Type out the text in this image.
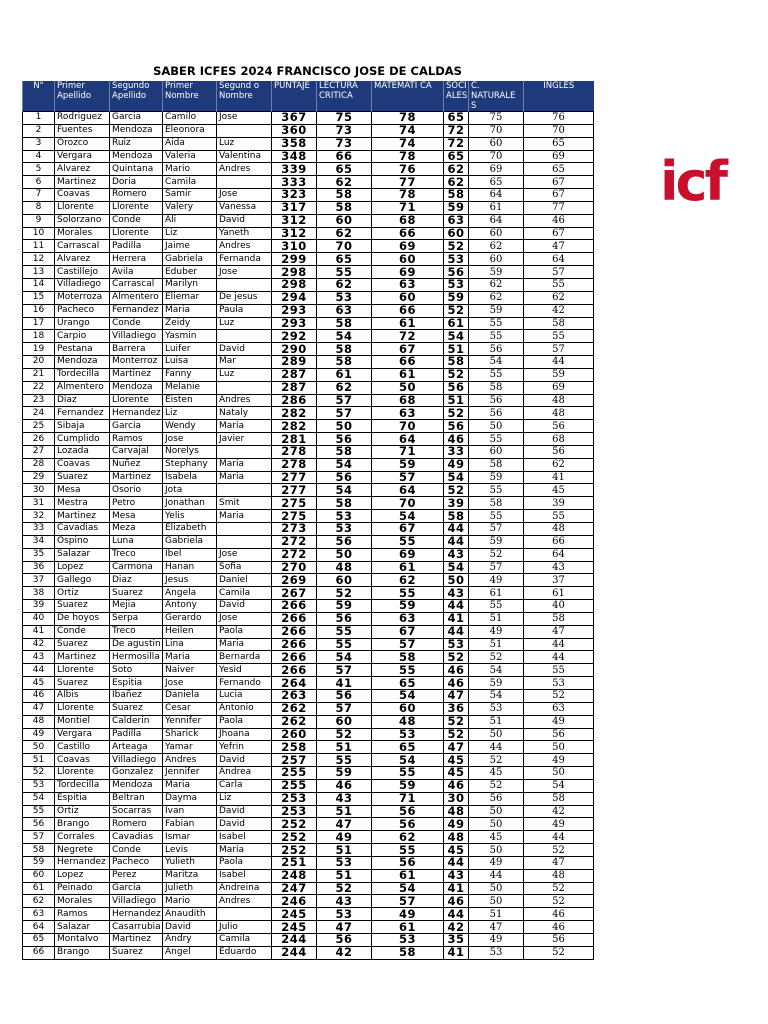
SABER ICFES 2024 FRANCISCO JOSE DE CALDAS
N°	Primer Apellido	Segundo Apellido	Primer Nombre	Segund o Nombre	PUNTAJE	LECTURA CRITICA	MATEMATI CA	SOCI ALES	C. NATURALE S	INGLES
1	Rodriguez	Garcia	Camilo	Jose	367	75	78	65	75	76
2	Fuentes	Mendoza	Eleonora		360	73	74	72	70	70
3	Orozco	Ruiz	Aida	Luz	358	73	74	72	60	65
4	Vergara	Mendoza	Valeria	Valentina	348	66	78	65	70	69
5	Alvarez	Quintana	Mario	Andres	339	65	76	62	69	65
6	Martinez	Doria	Camila		333	62	77	62	65	67
7	Coavas	Romero	Samir	Jose	323	58	78	58	64	67
8	Llorente	Llorente	Valery	Vanessa	317	58	71	59	61	77
9	Solorzano	Conde	Ali	David	312	60	68	63	64	46
10	Morales	Llorente	Liz	Yaneth	312	62	66	60	60	67
11	Carrascal	Padilla	Jaime	Andres	310	70	69	52	62	47
12	Alvarez	Herrera	Gabriela	Fernanda	299	65	60	53	60	64
13	Castillejo	Avila	Eduber	Jose	298	55	69	56	59	57
14	Villadiego	Carrascal	Marilyn		298	62	63	53	62	55
15	Moterroza	Almentero	Eliemar	De jesus	294	53	60	59	62	62
16	Pacheco	Fernandez	Maria	Paula	293	63	66	52	59	42
17	Urango	Conde	Zeidy	Luz	293	58	61	61	55	58
18	Carpio	Villadiego	Yasmin		292	54	72	54	55	55
19	Pestana	Barrera	Luifer	David	290	58	67	51	56	57
20	Mendoza	Monterroz	Luisa	Mar	289	58	66	58	54	44
21	Tordecilla	Martinez	Fanny	Luz	287	61	61	52	55	59
22	Almentero	Mendoza	Melanie		287	62	50	56	58	69
23	Diaz	Llorente	Eisten	Andres	286	57	68	51	56	48
24	Fernandez	Hernandez	Liz	Nataly	282	57	63	52	56	48
25	Sibaja	Garcia	Wendy	Maria	282	50	70	56	50	56
26	Cumplido	Ramos	Jose	Javier	281	56	64	46	55	68
27	Lozada	Carvajal	Norelys		278	58	71	33	60	56
28	Coavas	Nuñez	Stephany	Maria	278	54	59	49	58	62
29	Suarez	Martinez	Isabela	Maria	277	56	57	54	59	41
30	Mesa	Osorio	Jota		277	54	64	52	55	45
31	Mestra	Petro	Jonathan	Smit	275	58	70	39	58	39
32	Martinez	Mesa	Yelis	Maria	275	53	54	58	55	55
33	Cavadias	Meza	Elizabeth		273	53	67	44	57	48
34	Ospino	Luna	Gabriela		272	56	55	44	59	66
35	Salazar	Treco	Ibel	Jose	272	50	69	43	52	64
36	Lopez	Carmona	Hanan	Sofia	270	48	61	54	57	43
37	Gallego	Diaz	Jesus	Daniel	269	60	62	50	49	37
38	Ortiz	Suarez	Angela	Camila	267	52	55	43	61	61
39	Suarez	Mejia	Antony	David	266	59	59	44	55	40
40	De hoyos	Serpa	Gerardo	Jose	266	56	63	41	51	58
41	Conde	Treco	Heilen	Paola	266	55	67	44	49	47
42	Suarez	De agustin	Lina	Maria	266	55	57	53	51	44
43	Martinez	Hermosilla	Maria	Bernarda	266	54	58	52	52	44
44	Llorente	Soto	Naiver	Yesid	266	57	55	46	54	55
45	Suarez	Espitia	Jose	Fernando	264	41	65	46	59	53
46	Albis	Ibañez	Daniela	Lucia	263	56	54	47	54	52
47	Llorente	Suarez	Cesar	Antonio	262	57	60	36	53	63
48	Montiel	Calderin	Yennifer	Paola	262	60	48	52	51	49
49	Vergara	Padilla	Sharick	Jhoana	260	52	53	52	50	56
50	Castillo	Arteaga	Yamar	Yefrin	258	51	65	47	44	50
51	Coavas	Villadiego	Andres	David	257	55	54	45	52	49
52	Llorente	Gonzalez	Jennifer	Andrea	255	59	55	45	45	50
53	Tordecilla	Mendoza	Maria	Carla	255	46	59	46	52	54
54	Espitia	Beltran	Dayma	Liz	253	43	71	30	56	58
55	Ortiz	Socarras	Ivan	David	253	51	56	48	50	42
56	Brango	Romero	Fabian	David	252	47	56	49	50	49
57	Corrales	Cavadias	Ismar	Isabel	252	49	62	48	45	44
58	Negrete	Conde	Levis	Maria	252	51	55	45	50	52
59	Hernandez	Pacheco	Yulieth	Paola	251	53	56	44	49	47
60	Lopez	Perez	Maritza	Isabel	248	51	61	43	44	48
61	Peinado	Garcia	Julieth	Andreina	247	52	54	41	50	52
62	Morales	Villadiego	Mario	Andres	246	43	57	46	50	52
63	Ramos	Hernandez	Anaudith		245	53	49	44	51	46
64	Salazar	Casarrubia	David	Julio	245	47	61	42	47	46
65	Montalvo	Martinez	Andry	Camila	244	56	53	35	49	56
66	Brango	Suarez	Angel	Eduardo	244	42	58	41	53	52
icf
